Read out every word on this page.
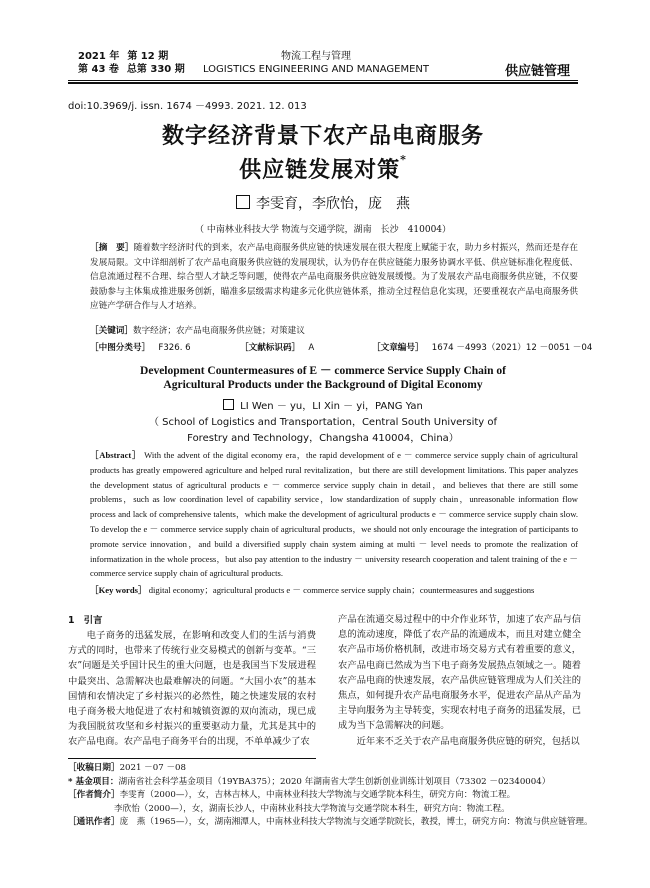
2021 年 第 12 期
第 43 卷 总第 330 期
物流工程与管理
LOGISTICS ENGINEERING AND MANAGEMENT	供应链管理
doi:10.3969/j. issn. 1674 －4993. 2021. 12. 013
数字经济背景下农产品电商服务
供应链发展对策*
李雯育，李欣怡，庞　燕
（ 中南林业科技大学 物流与交通学院，湖南　长沙　410004）
［摘　要］随着数字经济时代的到来，农产品电商服务供应链的快速发展在很大程度上赋能于农，助力乡村振兴，然而还是存在发展局限。文中详细剖析了农产品电商服务供应链的发展现状，认为仍存在供应链能力服务协调水平低、供应链标准化程度低、信息流通过程不合理、综合型人才缺乏等问题，使得农产品电商服务供应链发展缓慢。为了发展农产品电商服务供应链，不仅要鼓励参与主体集成推进服务创新，瞄准多层级需求构建多元化供应链体系，推动全过程信息化实现，还要重视农产品电商服务供应链产学研合作与人才培养。
［关键词］数字经济；农产品电商服务供应链；对策建议
［中图分类号］ F326. 6	［文献标识码］ A	［文章编号］ 1674 －4993（2021）12 －0051 －04
Development Countermeasures of E － commerce Service Supply Chain of
Agricultural Products under the Background of Digital Economy
LI Wen － yu，LI Xin － yi，PANG Yan
（ School of Logistics and Transportation，Central South University of
Forestry and Technology，Changsha 410004，China）
［Abstract］ With the advent of the digital economy era，the rapid development of e － commerce service supply chain of agricultural products has greatly empowered agriculture and helped rural revitalization，but there are still development limitations. This paper analyzes the development status of agricultural products e － commerce service supply chain in detail，and believes that there are still some problems，such as low coordination level of capability service，low standardization of supply chain，unreasonable information flow process and lack of comprehensive talents，which make the development of agricultural products e － commerce service supply chain slow. To develop the e － commerce service supply chain of agricultural products，we should not only encourage the integration of participants to promote service innovation，and build a diversified supply chain system aiming at multi － level needs to promote the realization of informatization in the whole process，but also pay attention to the industry － university research cooperation and talent training of the e － commerce service supply chain of agricultural products.
［Key words］ digital economy；agricultural products e － commerce service supply chain；countermeasures and suggestions
1　引言
电子商务的迅猛发展，在影响和改变人们的生活与消费方式的同时，也带来了传统行业交易模式的创新与变革。“三农”问题是关乎国计民生的重大问题，也是我国当下发展进程中最突出、急需解决也最难解决的问题。“大国小农”的基本国情和农情决定了乡村振兴的必然性，随之快速发展的农村电子商务极大地促进了农村和城镇资源的双向流动，现已成为我国脱贫攻坚和乡村振兴的重要驱动力量，尤其是其中的农产品电商。农产品电子商务平台的出现，不单单减少了农
产品在流通交易过程中的中介作业环节，加速了农产品与信息的流动速度，降低了农产品的流通成本，而且对建立健全农产品市场价格机制，改进市场交易方式有着重要的意义，农产品电商已然成为当下电子商务发展热点领域之一。随着农产品电商的快速发展，农产品供应链管理成为人们关注的焦点，如何提升农产品电商服务水平，促进农产品从产品为主导向服务为主导转变，实现农村电子商务的迅猛发展，已成为当下急需解决的问题。
近年来不乏关于农产品电商服务供应链的研究，包括以
［收稿日期］2021 －07 －08
* 基金项目：湖南省社会科学基金项目（19YBA375）；2020 年湖南省大学生创新创业训练计划项目（73302 －02340004）
［作者简介］李雯育（2000—），女，吉林吉林人，中南林业科技大学物流与交通学院本科生，研究方向：物流工程。
李欣怡（2000—），女，湖南长沙人，中南林业科技大学物流与交通学院本科生，研究方向：物流工程。
［通讯作者］庞　燕（1965—），女，湖南湘潭人，中南林业科技大学物流与交通学院院长，教授，博士，研究方向：物流与供应链管理。
